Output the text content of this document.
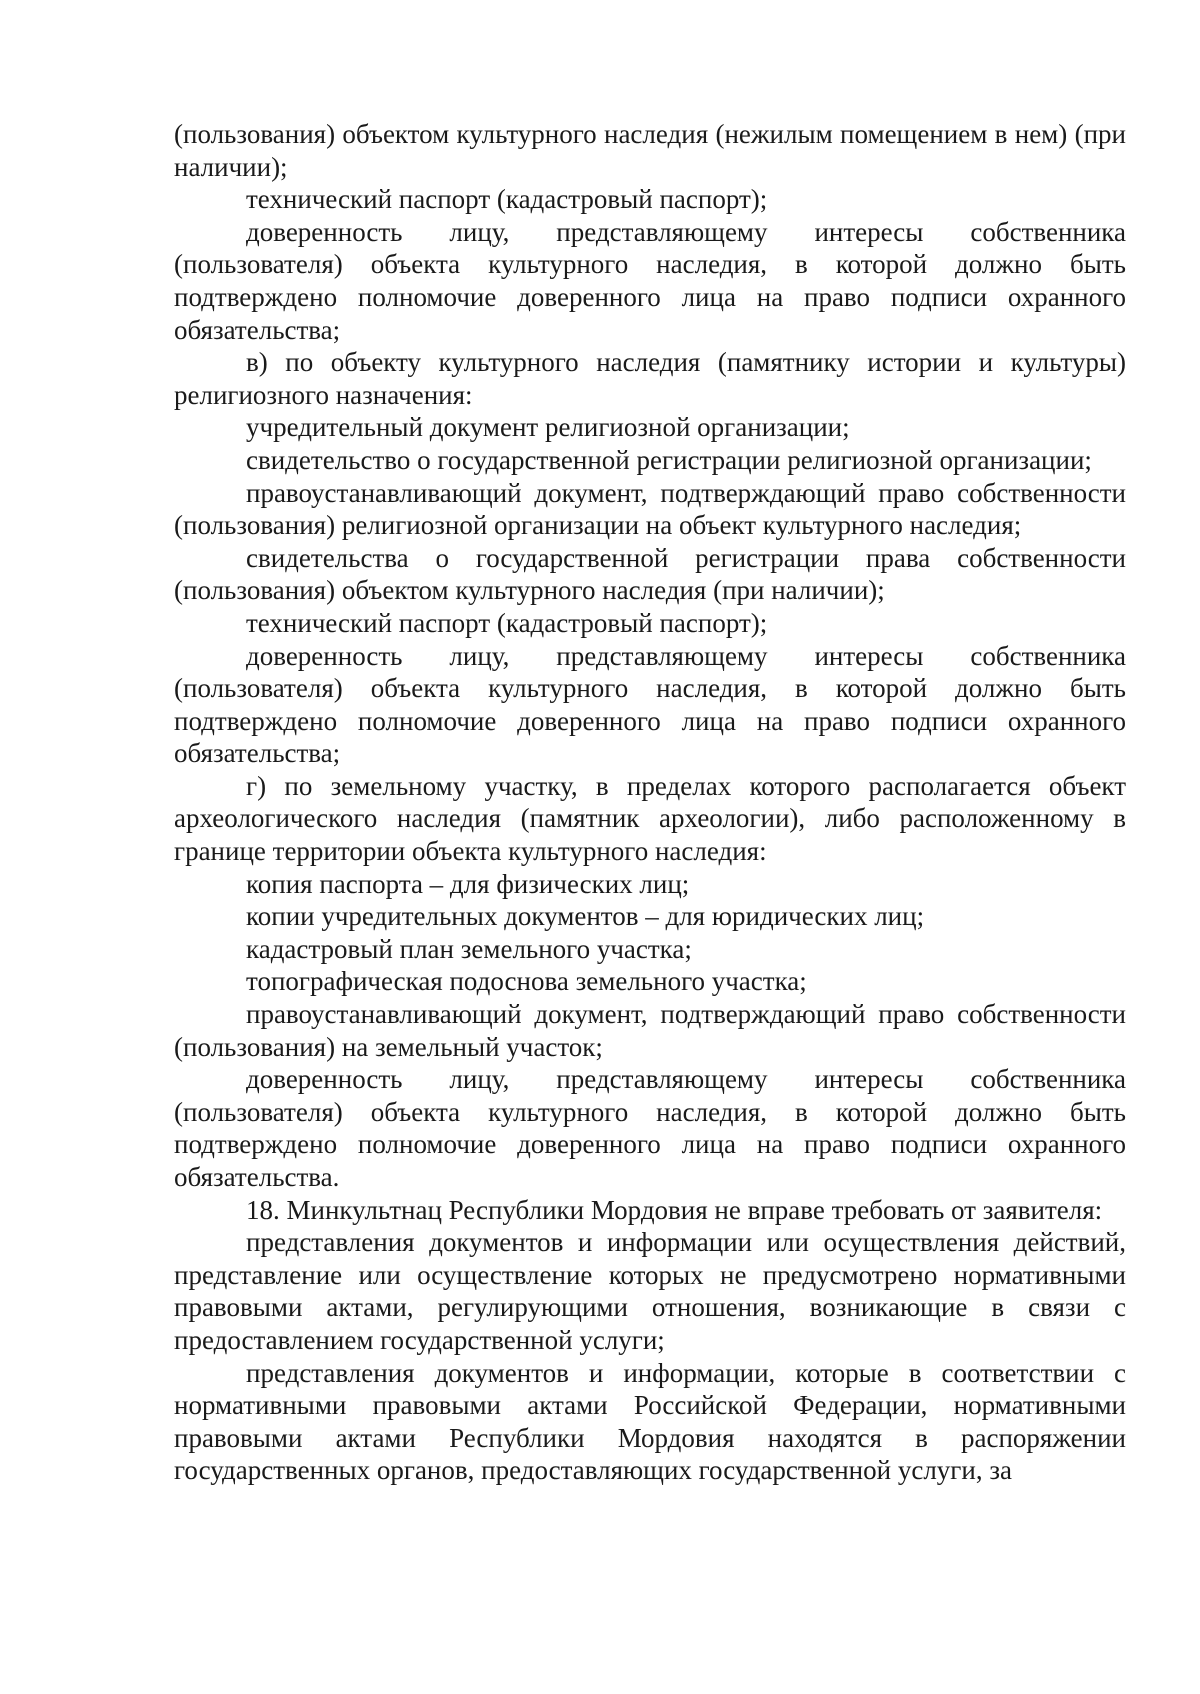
(пользования) объектом культурного наследия (нежилым помещением в нем) (при наличии);

технический паспорт (кадастровый паспорт);

доверенность лицу, представляющему интересы собственника (пользователя) объекта культурного наследия, в которой должно быть подтверждено полномочие доверенного лица на право подписи охранного обязательства;

в) по объекту культурного наследия (памятнику истории и культуры) религиозного назначения:

учредительный документ религиозной организации;

свидетельство о государственной регистрации религиозной организации;

правоустанавливающий документ, подтверждающий право собственности (пользования) религиозной организации на объект культурного наследия;

свидетельства о государственной регистрации права собственности (пользования) объектом культурного наследия (при наличии);

технический паспорт (кадастровый паспорт);

доверенность лицу, представляющему интересы собственника (пользователя) объекта культурного наследия, в которой должно быть подтверждено полномочие доверенного лица на право подписи охранного обязательства;

г) по земельному участку, в пределах которого располагается объект археологического наследия (памятник археологии), либо расположенному в границе территории объекта культурного наследия:

копия паспорта – для физических лиц;

копии учредительных документов – для юридических лиц;

кадастровый план земельного участка;

топографическая подоснова земельного участка;

правоустанавливающий документ, подтверждающий право собственности (пользования) на земельный участок;

доверенность лицу, представляющему интересы собственника (пользователя) объекта культурного наследия, в которой должно быть подтверждено полномочие доверенного лица на право подписи охранного обязательства.

18. Минкультнац Республики Мордовия не вправе требовать от заявителя:

представления документов и информации или осуществления действий, представление или осуществление которых не предусмотрено нормативными правовыми актами, регулирующими отношения, возникающие в связи с предоставлением государственной услуги;

представления документов и информации, которые в соответствии с нормативными правовыми актами Российской Федерации, нормативными правовыми актами Республики Мордовия находятся в распоряжении государственных органов, предоставляющих государственной услуги, за
